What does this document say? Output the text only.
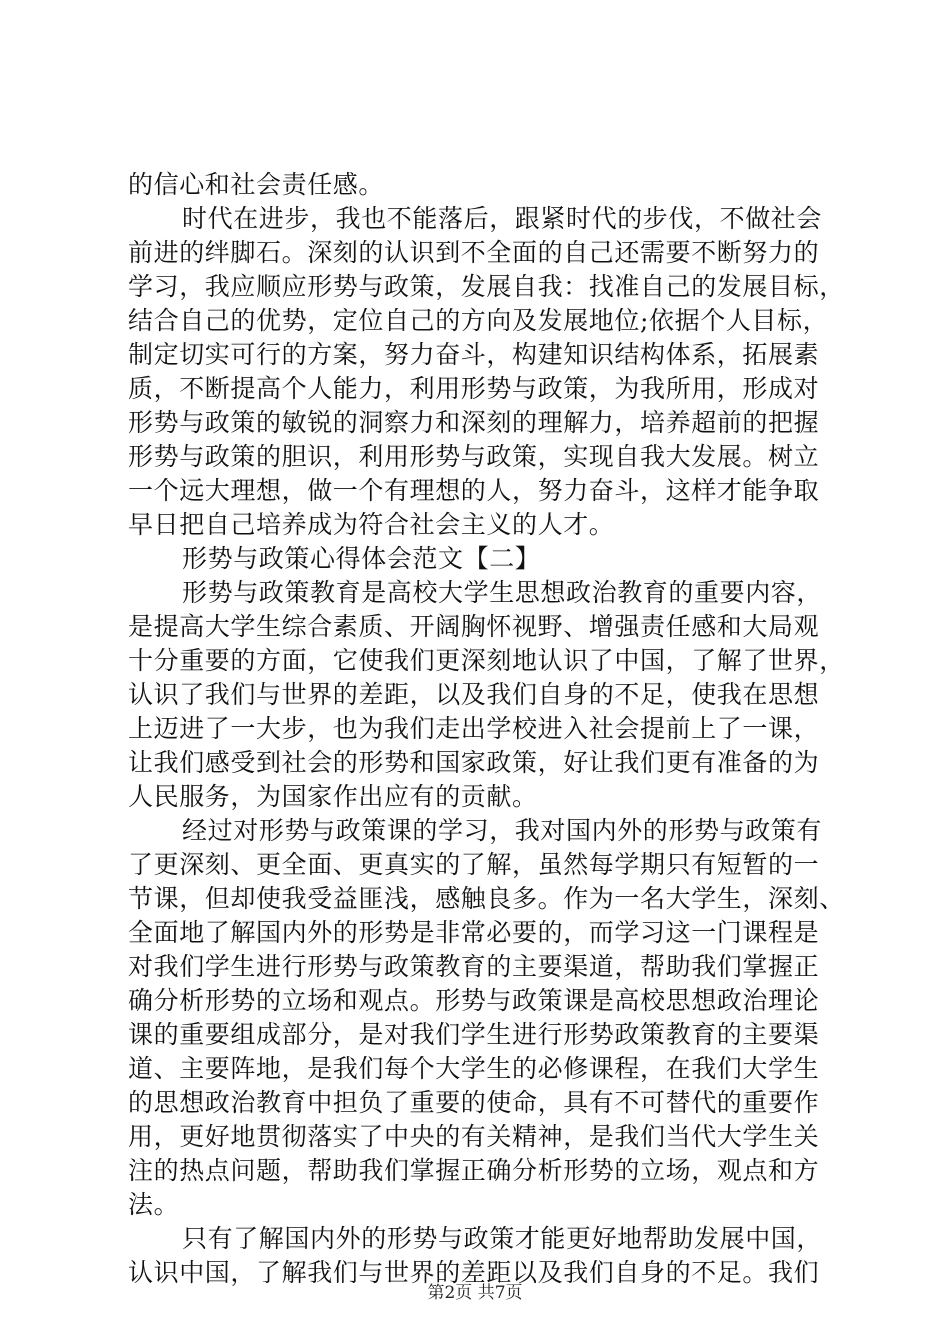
的信心和社会责任感。
时代在进步，我也不能落后，跟紧时代的步伐，不做社会
前进的绊脚石。深刻的认识到不全面的自己还需要不断努力的
学习，我应顺应形势与政策，发展自我：找准自己的发展目标，
结合自己的优势，定位自己的方向及发展地位;依据个人目标，
制定切实可行的方案，努力奋斗，构建知识结构体系，拓展素
质，不断提高个人能力，利用形势与政策，为我所用，形成对
形势与政策的敏锐的洞察力和深刻的理解力，培养超前的把握
形势与政策的胆识，利用形势与政策，实现自我大发展。树立
一个远大理想，做一个有理想的人，努力奋斗，这样才能争取
早日把自己培养成为符合社会主义的人才。
形势与政策心得体会范文【二】
形势与政策教育是高校大学生思想政治教育的重要内容，
是提高大学生综合素质、开阔胸怀视野、增强责任感和大局观
十分重要的方面，它使我们更深刻地认识了中国，了解了世界，
认识了我们与世界的差距，以及我们自身的不足，使我在思想
上迈进了一大步，也为我们走出学校进入社会提前上了一课，
让我们感受到社会的形势和国家政策，好让我们更有准备的为
人民服务，为国家作出应有的贡献。
经过对形势与政策课的学习，我对国内外的形势与政策有
了更深刻、更全面、更真实的了解，虽然每学期只有短暂的一
节课，但却使我受益匪浅，感触良多。作为一名大学生，深刻、
全面地了解国内外的形势是非常必要的，而学习这一门课程是
对我们学生进行形势与政策教育的主要渠道，帮助我们掌握正
确分析形势的立场和观点。形势与政策课是高校思想政治理论
课的重要组成部分，是对我们学生进行形势政策教育的主要渠
道、主要阵地，是我们每个大学生的必修课程，在我们大学生
的思想政治教育中担负了重要的使命，具有不可替代的重要作
用，更好地贯彻落实了中央的有关精神，是我们当代大学生关
注的热点问题，帮助我们掌握正确分析形势的立场，观点和方
法。
只有了解国内外的形势与政策才能更好地帮助发展中国，
认识中国，了解我们与世界的差距以及我们自身的不足。我们
第2页 共7页
